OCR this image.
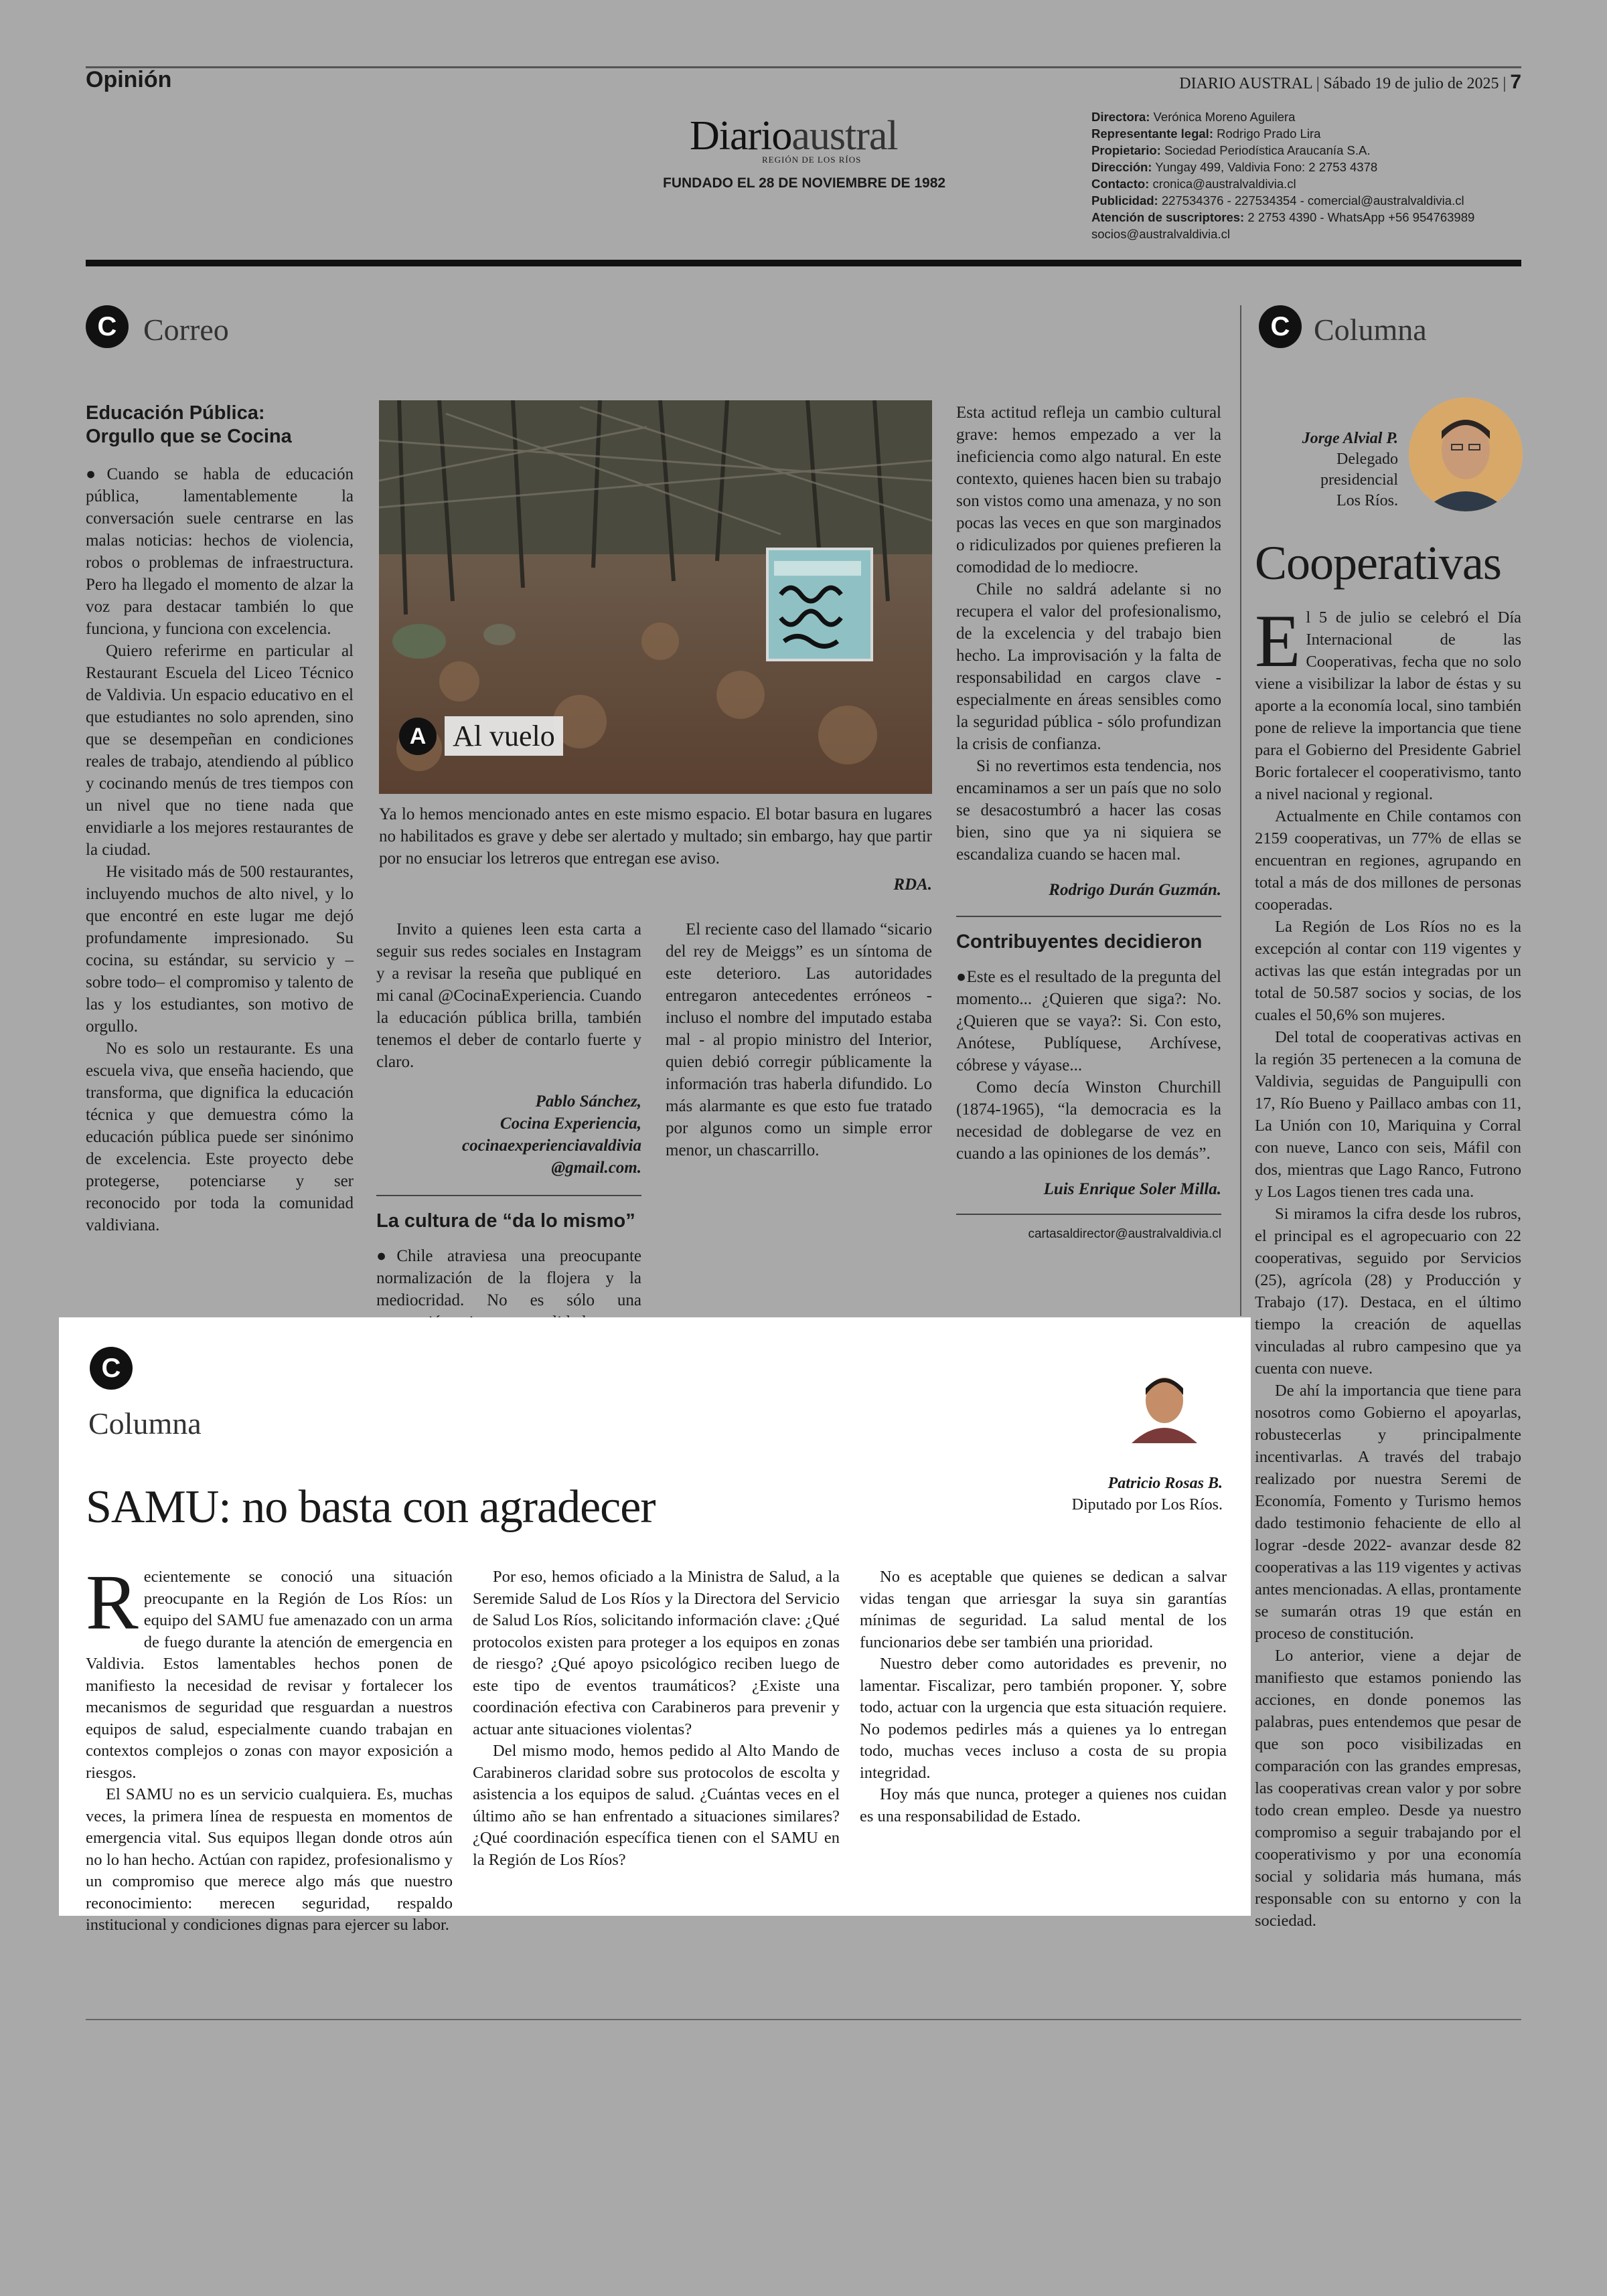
Opinión	DIARIO AUSTRAL | Sábado 19 de julio de 2025 | 7
Diarioaustral
REGIÓN DE LOS RÍOS
FUNDADO EL 28 DE NOVIEMBRE DE 1982
Directora: Verónica Moreno Aguilera
Representante legal: Rodrigo Prado Lira
Propietario: Sociedad Periodística Araucanía S.A.
Dirección: Yungay 499, Valdivia Fono: 2 2753 4378
Contacto: cronica@australvaldivia.cl
Publicidad: 227534376 - 227534354 - comercial@australvaldivia.cl
Atención de suscriptores: 2 2753 4390 - WhatsApp +56 954763989
socios@australvaldivia.cl
C Correo
Educación Pública:
Orgullo que se Cocina

●Cuando se habla de educación pública, lamentablemente la conversación suele centrarse en las malas noticias: hechos de violencia, robos o problemas de infraestructura. Pero ha llegado el momento de alzar la voz para destacar también lo que funciona, y funciona con excelencia.

Quiero referirme en particular al Restaurant Escuela del Liceo Técnico de Valdivia. Un espacio educativo en el que estudiantes no solo aprenden, sino que se desempeñan en condiciones reales de trabajo, atendiendo al público y cocinando menús de tres tiempos con un nivel que no tiene nada que envidiarle a los mejores restaurantes de la ciudad.

He visitado más de 500 restaurantes, incluyendo muchos de alto nivel, y lo que encontré en este lugar me dejó profundamente impresionado. Su cocina, su estándar, su servicio y –sobre todo– el compromiso y talento de las y los estudiantes, son motivo de orgullo.

No es solo un restaurante. Es una escuela viva, que enseña haciendo, que transforma, que dignifica la educación técnica y que demuestra cómo la educación pública puede ser sinónimo de excelencia. Este proyecto debe protegerse, potenciarse y ser reconocido por toda la comunidad valdiviana.

A Al vuelo

Ya lo hemos mencionado antes en este mismo espacio. El botar basura en lugares no habilitados es grave y debe ser alertado y multado; sin embargo, hay que partir por no ensuciar los letreros que entregan ese aviso.

RDA.

Invito a quienes leen esta carta a seguir sus redes sociales en Instagram y a revisar la reseña que publiqué en mi canal @CocinaExperiencia. Cuando la educación pública brilla, también tenemos el deber de contarlo fuerte y claro.

Pablo Sánchez,

Cocina Experiencia,

cocinaexperienciavaldivia

@gmail.com.

La cultura de “da lo mismo”

●Chile atraviesa una preocupante normalización de la flojera y la mediocridad. No es sólo una

El reciente caso del llamado “sicario del rey de Meiggs” es un síntoma de este deterioro. Las autoridades entregaron antecedentes erróneos - incluso el nombre del imputado estaba mal - al propio ministro del Interior, quien debió corregir públicamente la información tras haberla difundido. Lo más alarmante es que esto fue tratado por algunos como un simple error menor, un chascarrillo.

Esta actitud refleja un cambio cultural grave: hemos empezado a ver la ineficiencia como algo natural. En este contexto, quienes hacen bien su trabajo son vistos como una amenaza, y no son pocas las veces en que son marginados o ridiculizados por quienes prefieren la comodidad de lo mediocre.

Chile no saldrá adelante si no recupera el valor del profesionalismo, de la excelencia y del trabajo bien hecho. La improvisación y la falta de responsabilidad en cargos clave - especialmente en áreas sensibles como la seguridad pública - sólo profundizan la crisis de confianza.

Si no revertimos esta tendencia, nos encaminamos a ser un país que no solo se desacostumbró a hacer las cosas bien, sino que ya ni siquiera se escandaliza cuando se hacen mal.

Rodrigo Durán Guzmán.

Contribuyentes decidieron

●Este es el resultado de la pregunta del momento... ¿Quieren que siga?: No. ¿Quieren que se vaya?: Si. Con esto, Anótese, Publíquese, Archívese, cóbrese y váyase...

Como decía Winston Churchill (1874-1965), “la democracia es la necesidad de doblegarse de vez en cuando a las opiniones de los demás”.

Luis Enrique Soler Milla.

cartasaldirector@australvaldivia.cl

C Columna
Jorge Alvial P.
Delegado
presidencial
Los Ríos.
Cooperativas

El 5 de julio se celebró el Día Internacional de las Cooperativas, fecha que no solo viene a visibilizar la labor de éstas y su aporte a la economía local, sino también pone de relieve la importancia que tiene para el Gobierno del Presidente Gabriel Boric fortalecer el cooperativismo, tanto a nivel nacional y regional.

Actualmente en Chile contamos con 2159 cooperativas, un 77% de ellas se encuentran en regiones, agrupando en total a más de dos millones de personas cooperadas.

La Región de Los Ríos no es la excepción al contar con 119 vigentes y activas las que están integradas por un total de 50.587 socios y socias, de los cuales el 50,6% son mujeres.

Del total de cooperativas activas en la región 35 pertenecen a la comuna de Valdivia, seguidas de Panguipulli con 17, Río Bueno y Paillaco ambas con 11, La Unión con 10, Mariquina y Corral con nueve, Lanco con seis, Máfil con dos, mientras que Lago Ranco, Futrono y Los Lagos tienen tres cada una.

Si miramos la cifra desde los rubros, el principal es el agropecuario con 22 cooperativas, seguido por Servicios (25), agrícola (28) y Producción y Trabajo (17). Destaca, en el último tiempo la creación de aquellas vinculadas al rubro campesino que ya cuenta con nueve.

De ahí la importancia que tiene para nosotros como Gobierno el apoyarlas, robustecerlas y principalmente incentivarlas. A través del trabajo realizado por nuestra Seremi de Economía, Fomento y Turismo hemos dado testimonio fehaciente de ello al lograr -desde 2022- avanzar desde 82 cooperativas a las 119 vigentes y activas antes mencionadas. A ellas, prontamente se sumarán otras 19 que están en proceso de constitución.

Lo anterior, viene a dejar de manifiesto que estamos poniendo las acciones, en donde ponemos las palabras, pues entendemos que pesar de que son poco visibilizadas en comparación con las grandes empresas, las cooperativas crean valor y por sobre todo crean empleo. Desde ya nuestro compromiso a seguir trabajando por el cooperativismo y por una economía social y solidaria más humana, más responsable con su entorno y con la sociedad.

C
Columna
Patricio Rosas B.
Diputado por Los Ríos.
SAMU: no basta con agradecer

Recientemente se conoció una situación preocupante en la Región de Los Ríos: un equipo del SAMU fue amenazado con un arma de fuego durante la atención de emergencia en Valdivia. Estos lamentables hechos ponen de manifiesto la necesidad de revisar y fortalecer los mecanismos de seguridad que resguardan a nuestros equipos de salud, especialmente cuando trabajan en contextos complejos o zonas con mayor exposición a riesgos.

El SAMU no es un servicio cualquiera. Es, muchas veces, la primera línea de respuesta en momentos de emergencia vital. Sus equipos llegan donde otros aún no lo han hecho. Actúan con rapidez, profesionalismo y un compromiso que merece algo más que nuestro reconocimiento: merecen seguridad, respaldo institucional y condiciones dignas para ejercer su labor.

Por eso, hemos oficiado a la Ministra de Salud, a la Seremide Salud de Los Ríos y la Directora del Servicio de Salud Los Ríos, solicitando información clave: ¿Qué protocolos existen para proteger a los equipos en zonas de riesgo? ¿Qué apoyo psicológico reciben luego de este tipo de eventos traumáticos? ¿Existe una coordinación efectiva con Carabineros para prevenir y actuar ante situaciones violentas?

Del mismo modo, hemos pedido al Alto Mando de Carabineros claridad sobre sus protocolos de escolta y asistencia a los equipos de salud. ¿Cuántas veces en el último año se han enfrentado a situaciones similares? ¿Qué coordinación específica tienen con el SAMU en la Región de Los Ríos?

No es aceptable que quienes se dedican a salvar vidas tengan que arriesgar la suya sin garantías mínimas de seguridad. La salud mental de los funcionarios debe ser también una prioridad.

Nuestro deber como autoridades es prevenir, no lamentar. Fiscalizar, pero también proponer. Y, sobre todo, actuar con la urgencia que esta situación requiere. No podemos pedirles más a quienes ya lo entregan todo, muchas veces incluso a costa de su propia integridad.

Hoy más que nunca, proteger a quienes nos cuidan es una responsabilidad de Estado.
